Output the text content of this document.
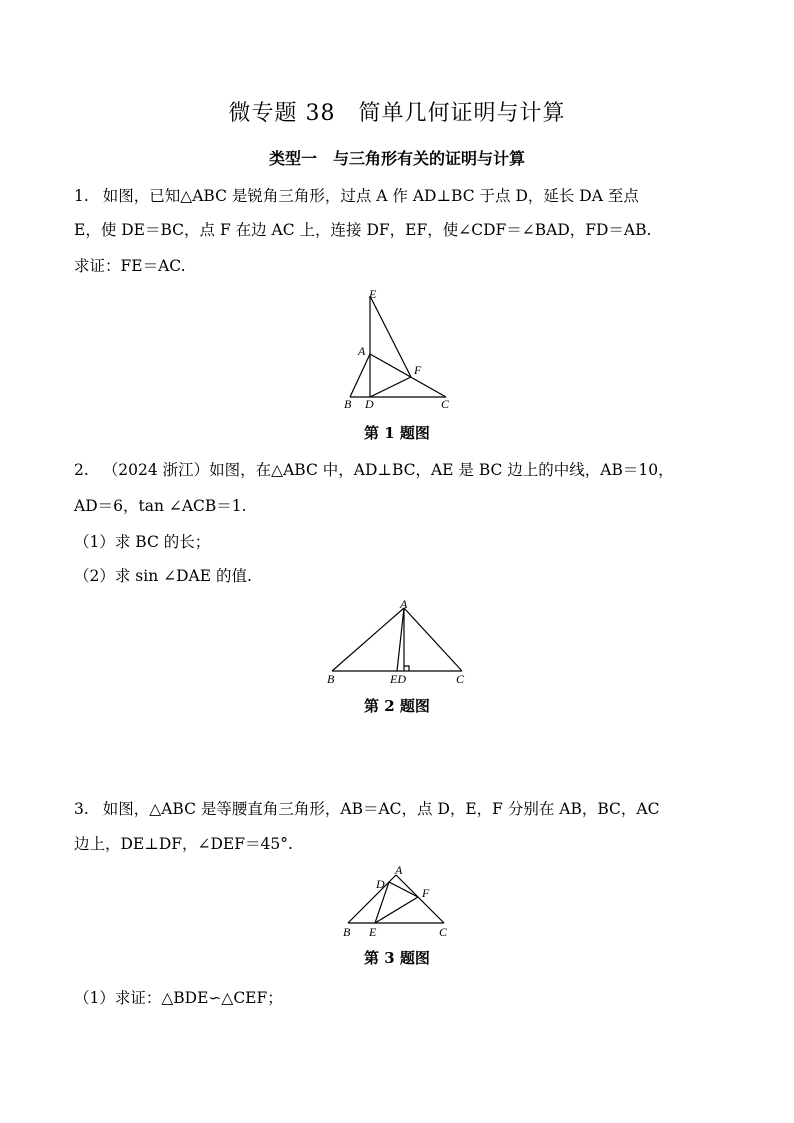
微专题 38　简单几何证明与计算
类型一　与三角形有关的证明与计算
1. 如图，已知△ABC 是锐角三角形，过点 A 作 AD⊥BC 于点 D，延长 DA 至点
E，使 DE＝BC，点 F 在边 AC 上，连接 DF，EF，使∠CDF＝∠BAD，FD＝AB.
求证：FE＝AC.
E
A
F
B D	C
第 1 题图
2. （2024 浙江）如图，在△ABC 中，AD⊥BC，AE 是 BC 边上的中线，AB＝10，
AD＝6，tan ∠ACB＝1.
（1）求 BC 的长；
（2）求 sin ∠DAE 的值.
A
B	ED	C
第 2 题图
3. 如图，△ABC 是等腰直角三角形，AB＝AC，点 D，E，F 分别在 AB，BC，AC
边上，DE⊥DF，∠DEF＝45°.
A
D
F
B E	C
第 3 题图
（1）求证：△BDE∽△CEF；
